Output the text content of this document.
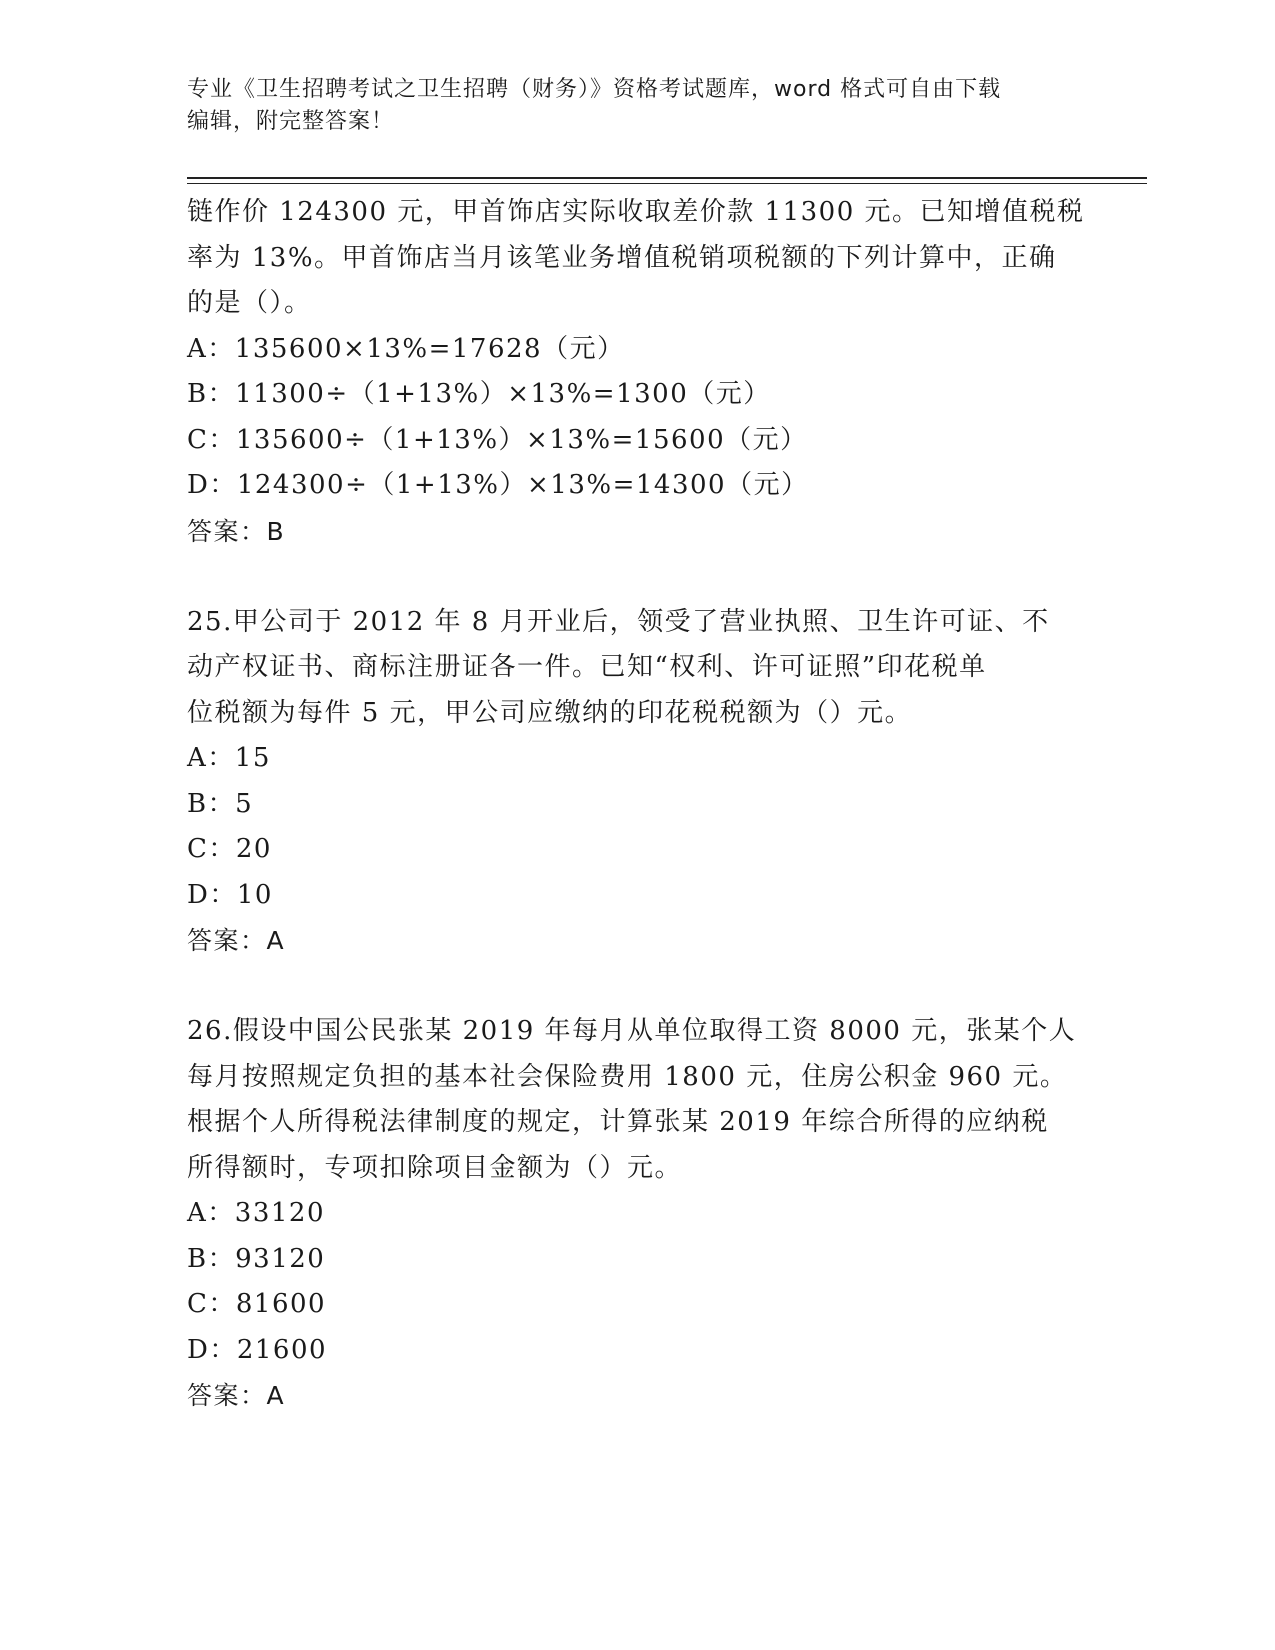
专业《卫生招聘考试之卫生招聘（财务）》资格考试题库，word 格式可自由下载
编辑，附完整答案！
链作价 124300 元，甲首饰店实际收取差价款 11300 元。已知增值税税
率为 13%。甲首饰店当月该笔业务增值税销项税额的下列计算中，正确
的是（）。
A：135600×13%=17628（元）
B：11300÷（1+13%）×13%=1300（元）
C：135600÷（1+13%）×13%=15600（元）
D：124300÷（1+13%）×13%=14300（元）
答案：B
25.甲公司于 2012 年 8 月开业后，领受了营业执照、卫生许可证、不
动产权证书、商标注册证各一件。已知“权利、许可证照”印花税单
位税额为每件 5 元，甲公司应缴纳的印花税税额为（）元。
A：15
B：5
C：20
D：10
答案：A
26.假设中国公民张某 2019 年每月从单位取得工资 8000 元，张某个人
每月按照规定负担的基本社会保险费用 1800 元，住房公积金 960 元。
根据个人所得税法律制度的规定，计算张某 2019 年综合所得的应纳税
所得额时，专项扣除项目金额为（）元。
A：33120
B：93120
C：81600
D：21600
答案：A
